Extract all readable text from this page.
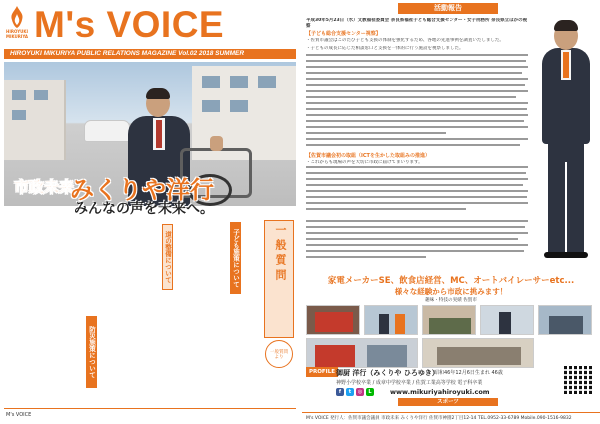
HIROYUKI
MIKURIYA M's VOICE
HIROYUKI MIKURIYA PUBLIC RELATIONS MAGAZINE Vol.02 2018 SUMMER
市政未来
みくりや洋行
みんなの声を未来へ。
子ども施策について
道の整備について
防災施策について
一般質問
一般質問
より
M's VOICE
活動報告
平成30年5月23日（水）文教福祉委員会 奈良県福祉子ども総合支援センター・女子刑務所 奈良県立ほかの視察
【子ども総合支援センター視察】
・佐賀市議会はこのたび子ども支援の体制を強化するため、各地の先進事例を調査いたしました。
・子どもの成長に応じた相談窓口と支援を一体的に行う施設を視察しました。
【佐賀市議会初の取組（ICTを生かした取組みの推進）
・これからも現場の声を大切に市政に届けてまいります。
家電メーカーSE、飲食店経営、MC、オートバイレーサーetc...
様々な経験から市政に挑みます！
趣味・特技の実績 佐賀市
PROFILE 御厨 洋行（みくりや ひろゆき）
昭和46年12月6日生まれ 46歳
神野小学校卒業 / 成章中学校卒業 / 佐賀工業高等学校 電子科卒業
f	t	◎	L	www.mikuriyahiroyuki.com
スポーツ
M's VOICE 発行人：佐賀市議会議員 市政未来 みくりや洋行 佐賀市神園2丁目12-14 TEL.0952-33-6789 Mobile.090-1516-9832
